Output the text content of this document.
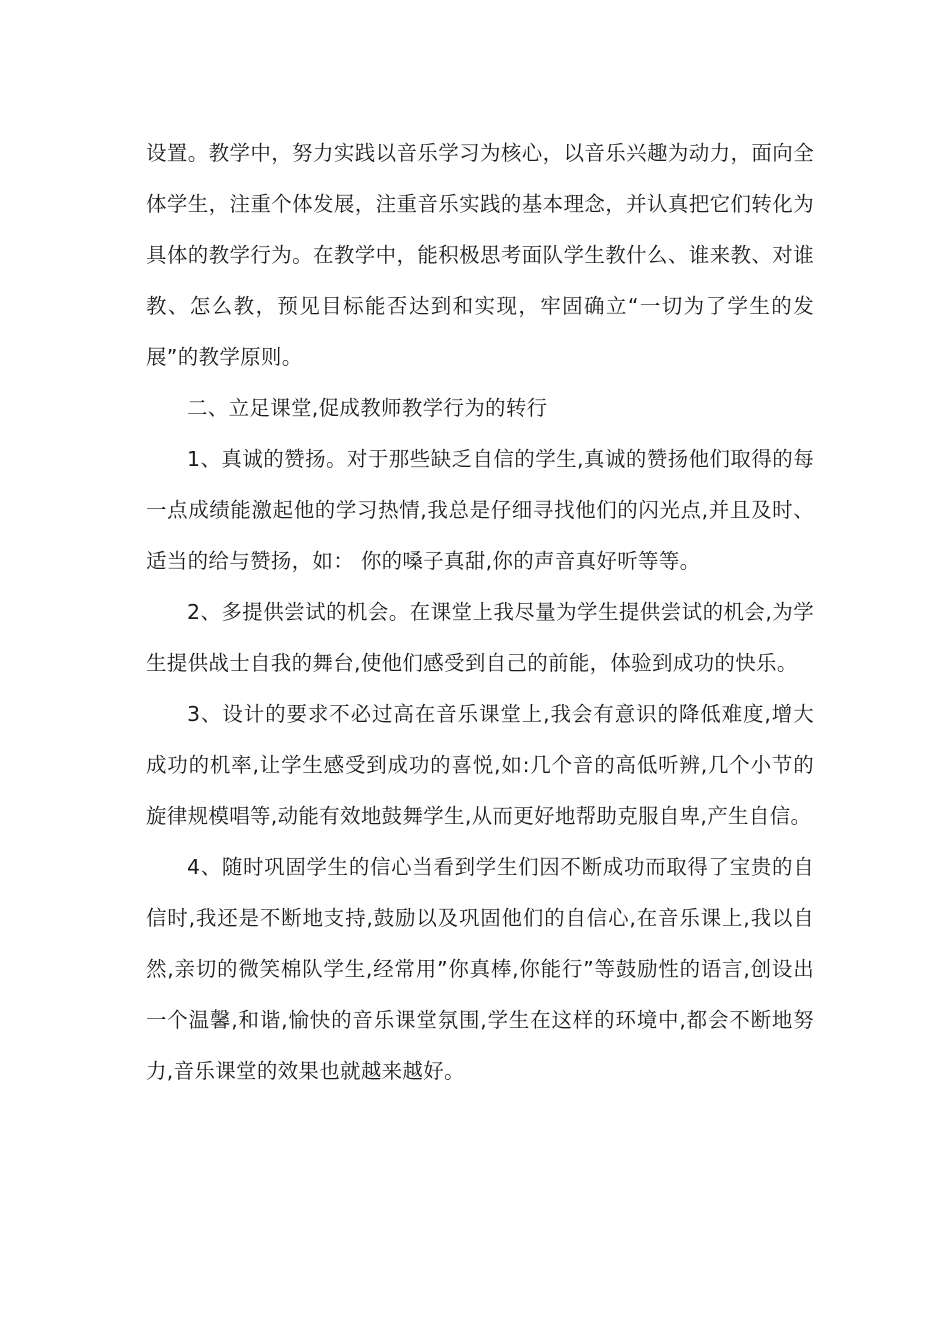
设置。教学中，努力实践以音乐学习为核心，以音乐兴趣为动力，面向全体学生，注重个体发展，注重音乐实践的基本理念，并认真把它们转化为具体的教学行为。在教学中，能积极思考面队学生教什么、谁来教、对谁教、怎么教，预见目标能否达到和实现，牢固确立“一切为了学生的发展”的教学原则。

二、立足课堂,促成教师教学行为的转行

1、真诚的赞扬。对于那些缺乏自信的学生,真诚的赞扬他们取得的每一点成绩能激起他的学习热情,我总是仔细寻找他们的闪光点,并且及时、适当的给与赞扬，如： 你的嗓子真甜,你的声音真好听等等。

2、多提供尝试的机会。在课堂上我尽量为学生提供尝试的机会,为学生提供战士自我的舞台,使他们感受到自己的前能，体验到成功的快乐。

3、设计的要求不必过高在音乐课堂上,我会有意识的降低难度,增大成功的机率,让学生感受到成功的喜悦,如:几个音的高低听辨,几个小节的旋律规模唱等,动能有效地鼓舞学生,从而更好地帮助克服自卑,产生自信。

4、随时巩固学生的信心当看到学生们因不断成功而取得了宝贵的自信时,我还是不断地支持,鼓励以及巩固他们的自信心,在音乐课上,我以自然,亲切的微笑棉队学生,经常用”你真棒,你能行”等鼓励性的语言,创设出一个温馨,和谐,愉快的音乐课堂氛围,学生在这样的环境中,都会不断地努力,音乐课堂的效果也就越来越好。
